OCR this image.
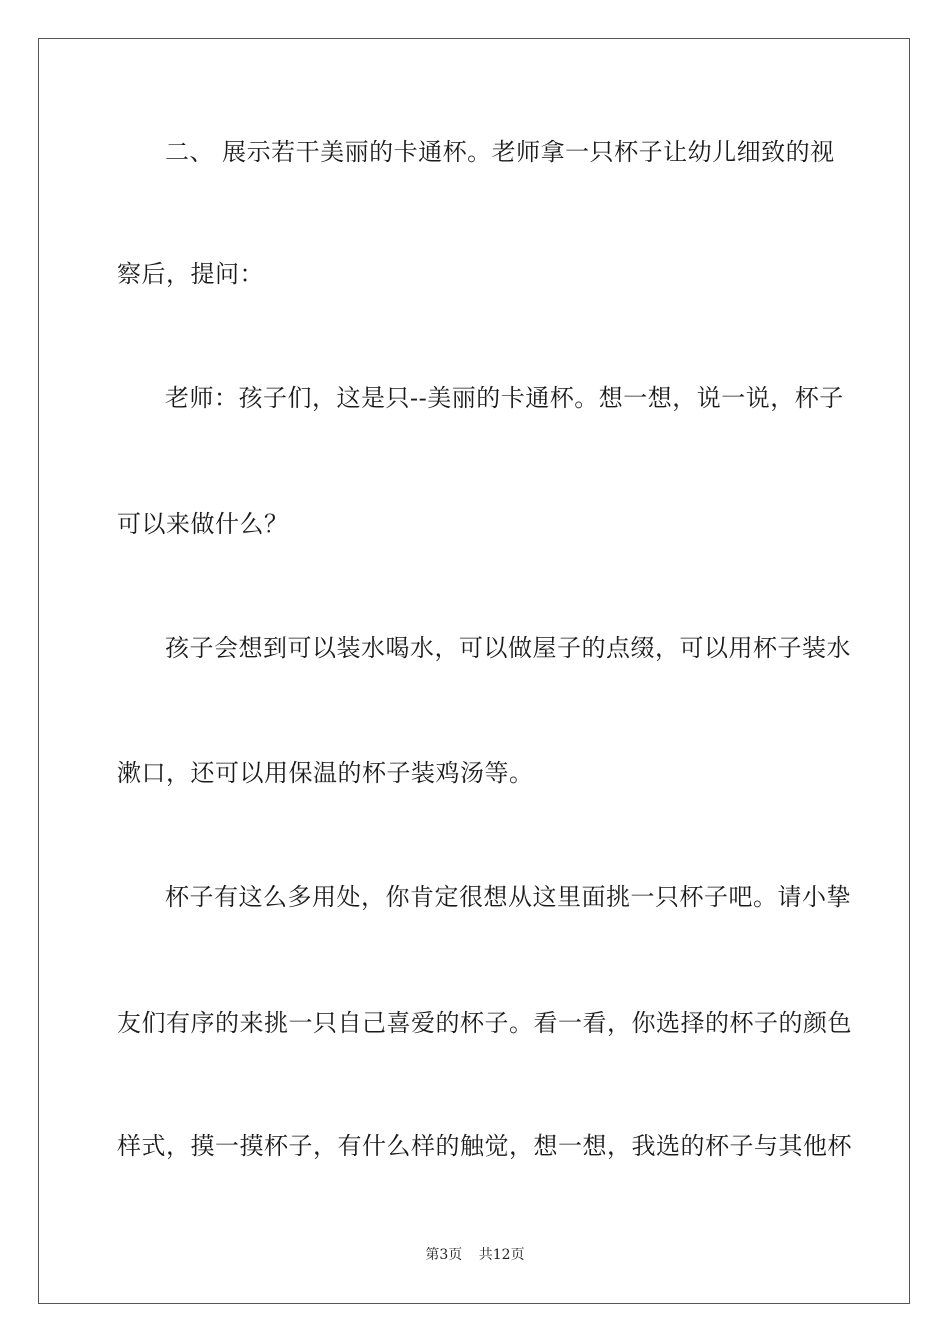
二、 展示若干美丽的卡通杯。老师拿一只杯子让幼儿细致的视
察后，提问：
老师：孩子们，这是只--美丽的卡通杯。想一想，说一说，杯子
可以来做什么？
孩子会想到可以装水喝水，可以做屋子的点缀，可以用杯子装水
漱口，还可以用保温的杯子装鸡汤等。
杯子有这么多用处，你肯定很想从这里面挑一只杯子吧。请小挚
友们有序的来挑一只自己喜爱的杯子。看一看，你选择的杯子的颜色
样式，摸一摸杯子，有什么样的触觉，想一想，我选的杯子与其他杯
第3页 共12页
